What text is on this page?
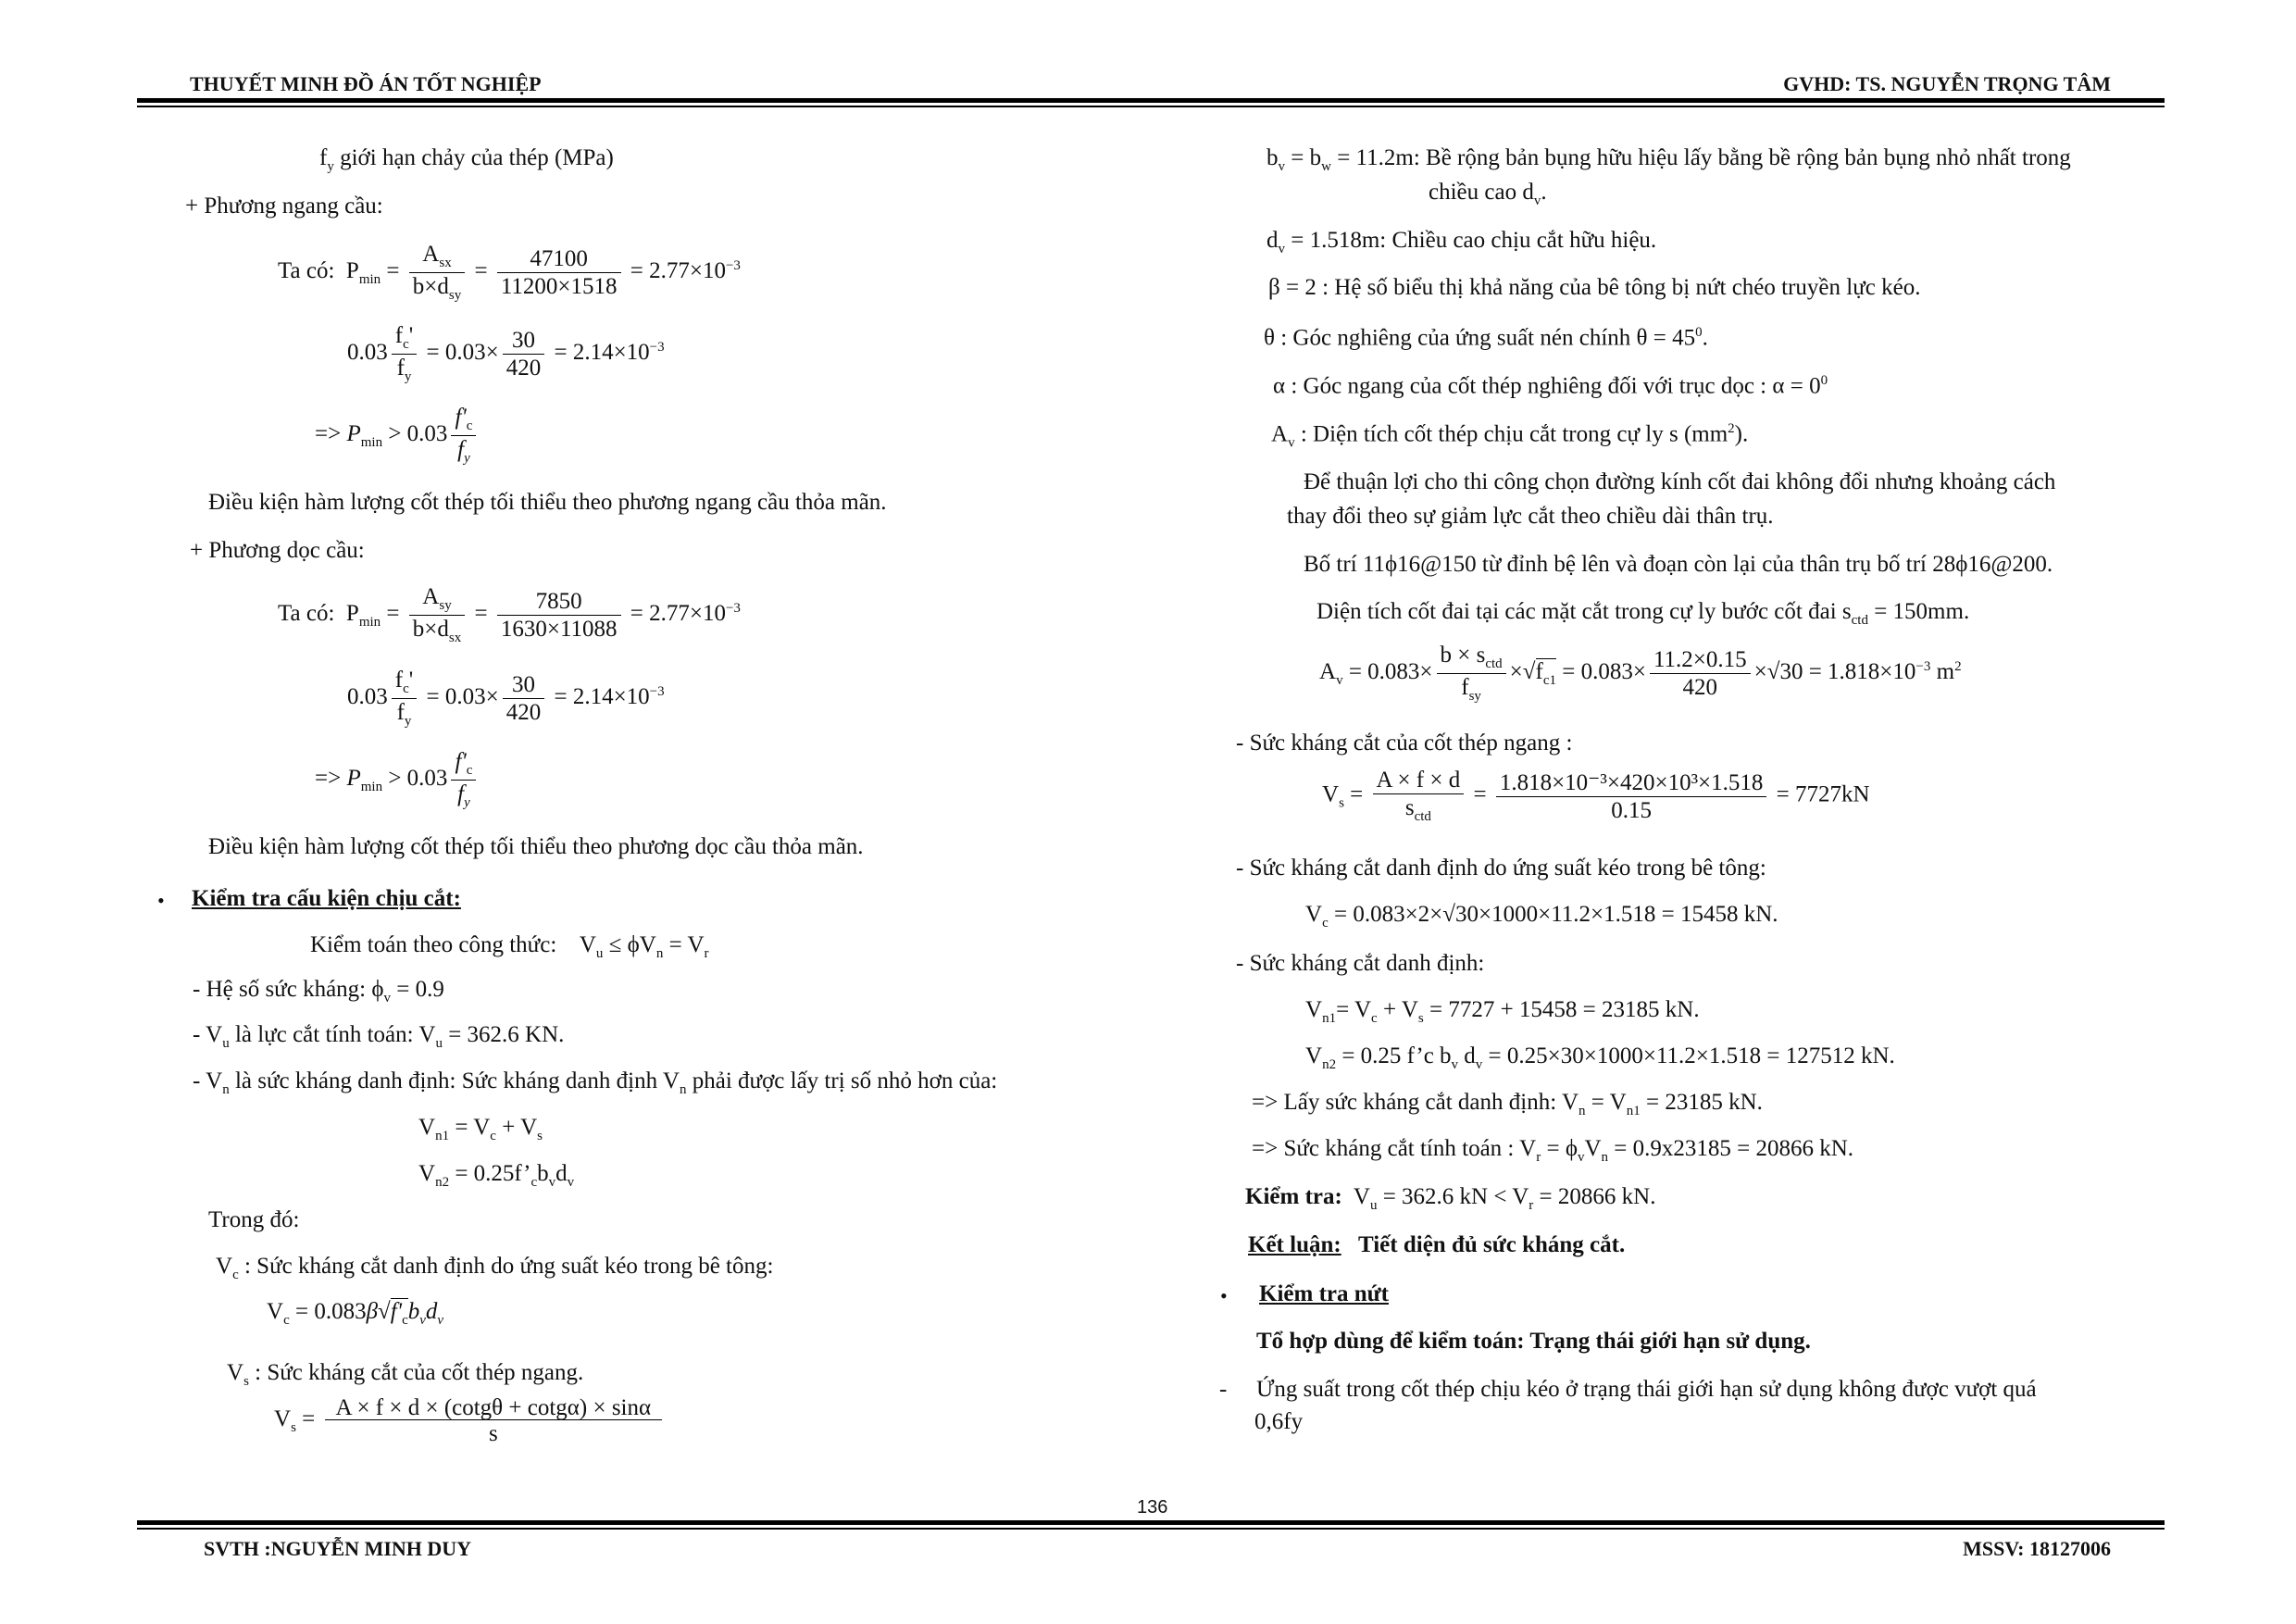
THUYẾT MINH ĐỒ ÁN TỐT NGHIỆP	GVHD: TS. NGUYỄN TRỌNG TÂM
$f_y$ giới hạn chảy của thép (MPa)
+ Phương ngang cầu:
Ta có:  $P_{min} = \frac{A_{sx}}{b\times d_{sy}} = \frac{47100}{11200\times 1518} = 2.77\times 10^{-3}$
$0.03 \frac{f_c'}{f_y} = 0.03\times \frac{30}{420} = 2.14\times 10^{-3}$
=> $P_{min} > 0.03 \frac{f'_c}{f_y}$
Điều kiện hàm lượng cốt thép tối thiểu theo phương ngang cầu thỏa mãn.
+ Phương dọc cầu:
Ta có:  $P_{min} = \frac{A_{sy}}{b\times d_{sx}} = \frac{7850}{1630\times 11088} = 2.77\times 10^{-3}$
$0.03 \frac{f_c'}{f_y} = 0.03\times \frac{30}{420} = 2.14\times 10^{-3}$
=> $P_{min} > 0.03 \frac{f'_c}{f_y}$
Điều kiện hàm lượng cốt thép tối thiểu theo phương dọc cầu thỏa mãn.
• Kiểm tra cấu kiện chịu cắt:
Kiểm toán theo công thức:    $V_u \le \phi V_n = V_r$
- Hệ số sức kháng: $\phi_v = 0.9$
- $V_u$ là lực cắt tính toán: $V_u = 362.6$ KN.
- $V_n$ là sức kháng danh định: Sức kháng danh định $V_n$ phải được lấy trị số nhỏ hơn của:
$V_{n1} = V_c + V_s$
$V_{n2}$ = $0.25f’_cb_vd_v$
Trong đó:
$V_c$ : Sức kháng cắt danh định do ứng suất kéo trong bê tông:
$V_c = 0.083\beta√f'_cb_vd_v$
$V_s$ : Sức kháng cắt của cốt thép ngang.
$V_s = \frac{A \times f \times d \times (\cot g\theta + \cot g\alpha) \times \sin\alpha}{s}$
$b_v = b_w = 11.2m$: Bề rộng bản bụng hữu hiệu lấy bằng bề rộng bản bụng nhỏ nhất trong
chiều cao $d_v$.
$d_v = 1.518m$: Chiều cao chịu cắt hữu hiệu.
β = 2 : Hệ số biểu thị khả năng của bê tông bị nứt chéo truyền lực kéo.
θ : Góc nghiêng của ứng suất nén chính $\theta = 45^0$.
α : Góc ngang của cốt thép nghiêng đối với trục dọc : $\alpha = 0^0$
$A_v$ : Diện tích cốt thép chịu cắt trong cự ly s $(mm^2)$.
Để thuận lợi cho thi công chọn đường kính cốt đai không đổi nhưng khoảng cách
thay đổi theo sự giảm lực cắt theo chiều dài thân trụ.
Bố trí 11ϕ16@150 từ đỉnh bệ lên và đoạn còn lại của thân trụ bố trí 28ϕ16@200.
Diện tích cốt đai tại các mặt cắt trong cự ly bước cốt đai $s_{ctd} = 150mm$.
$A_v = 0.083\times \frac{b \times s_{ctd}}{f_{sy}} \times√f_{c1} = 0.083\times \frac{11.2\times 0.15}{420} \times√30 = 1.818\times 10^{-3}$ $m^2$
- Sức kháng cắt của cốt thép ngang :
$V_s = \frac{A \times f \times d}{s_{ctd}} = \frac{\text{1.818×10⁻³×420×10³×1.518}}{0.15} = 7727kN$
- Sức kháng cắt danh định do ứng suất kéo trong bê tông:
$V_c = 0.083\times 2\times√30\times 1000\times 11.2\times 1.518 = 15458$ kN.
- Sức kháng cắt danh định:
$V_{n1}= V_c + V_s = 7727 + 15458 = 23185$ kN.
$V_{n2} = 0.25$ f’c $b_v$ $d_v = 0.25\times 30\times 1000\times 11.2\times 1.518 = 127512$ kN.
=> Lấy sức kháng cắt danh định: $V_n = V_{n1} = 23185$ kN.
=> Sức kháng cắt tính toán : $V_r = \phi_vV_n = 0.9x23185 = 20866$ kN.
Kiểm tra: $V_u = 362.6$ kN < $V_r = 20866$ kN.
Kết luận: Tiết diện đủ sức kháng cắt.
• Kiểm tra nứt
Tổ hợp dùng để kiểm toán: Trạng thái giới hạn sử dụng.
- Ứng suất trong cốt thép chịu kéo ở trạng thái giới hạn sử dụng không được vượt quá
0,6fy
136
SVTH :NGUYỄN MINH DUY	MSSV: 18127006
